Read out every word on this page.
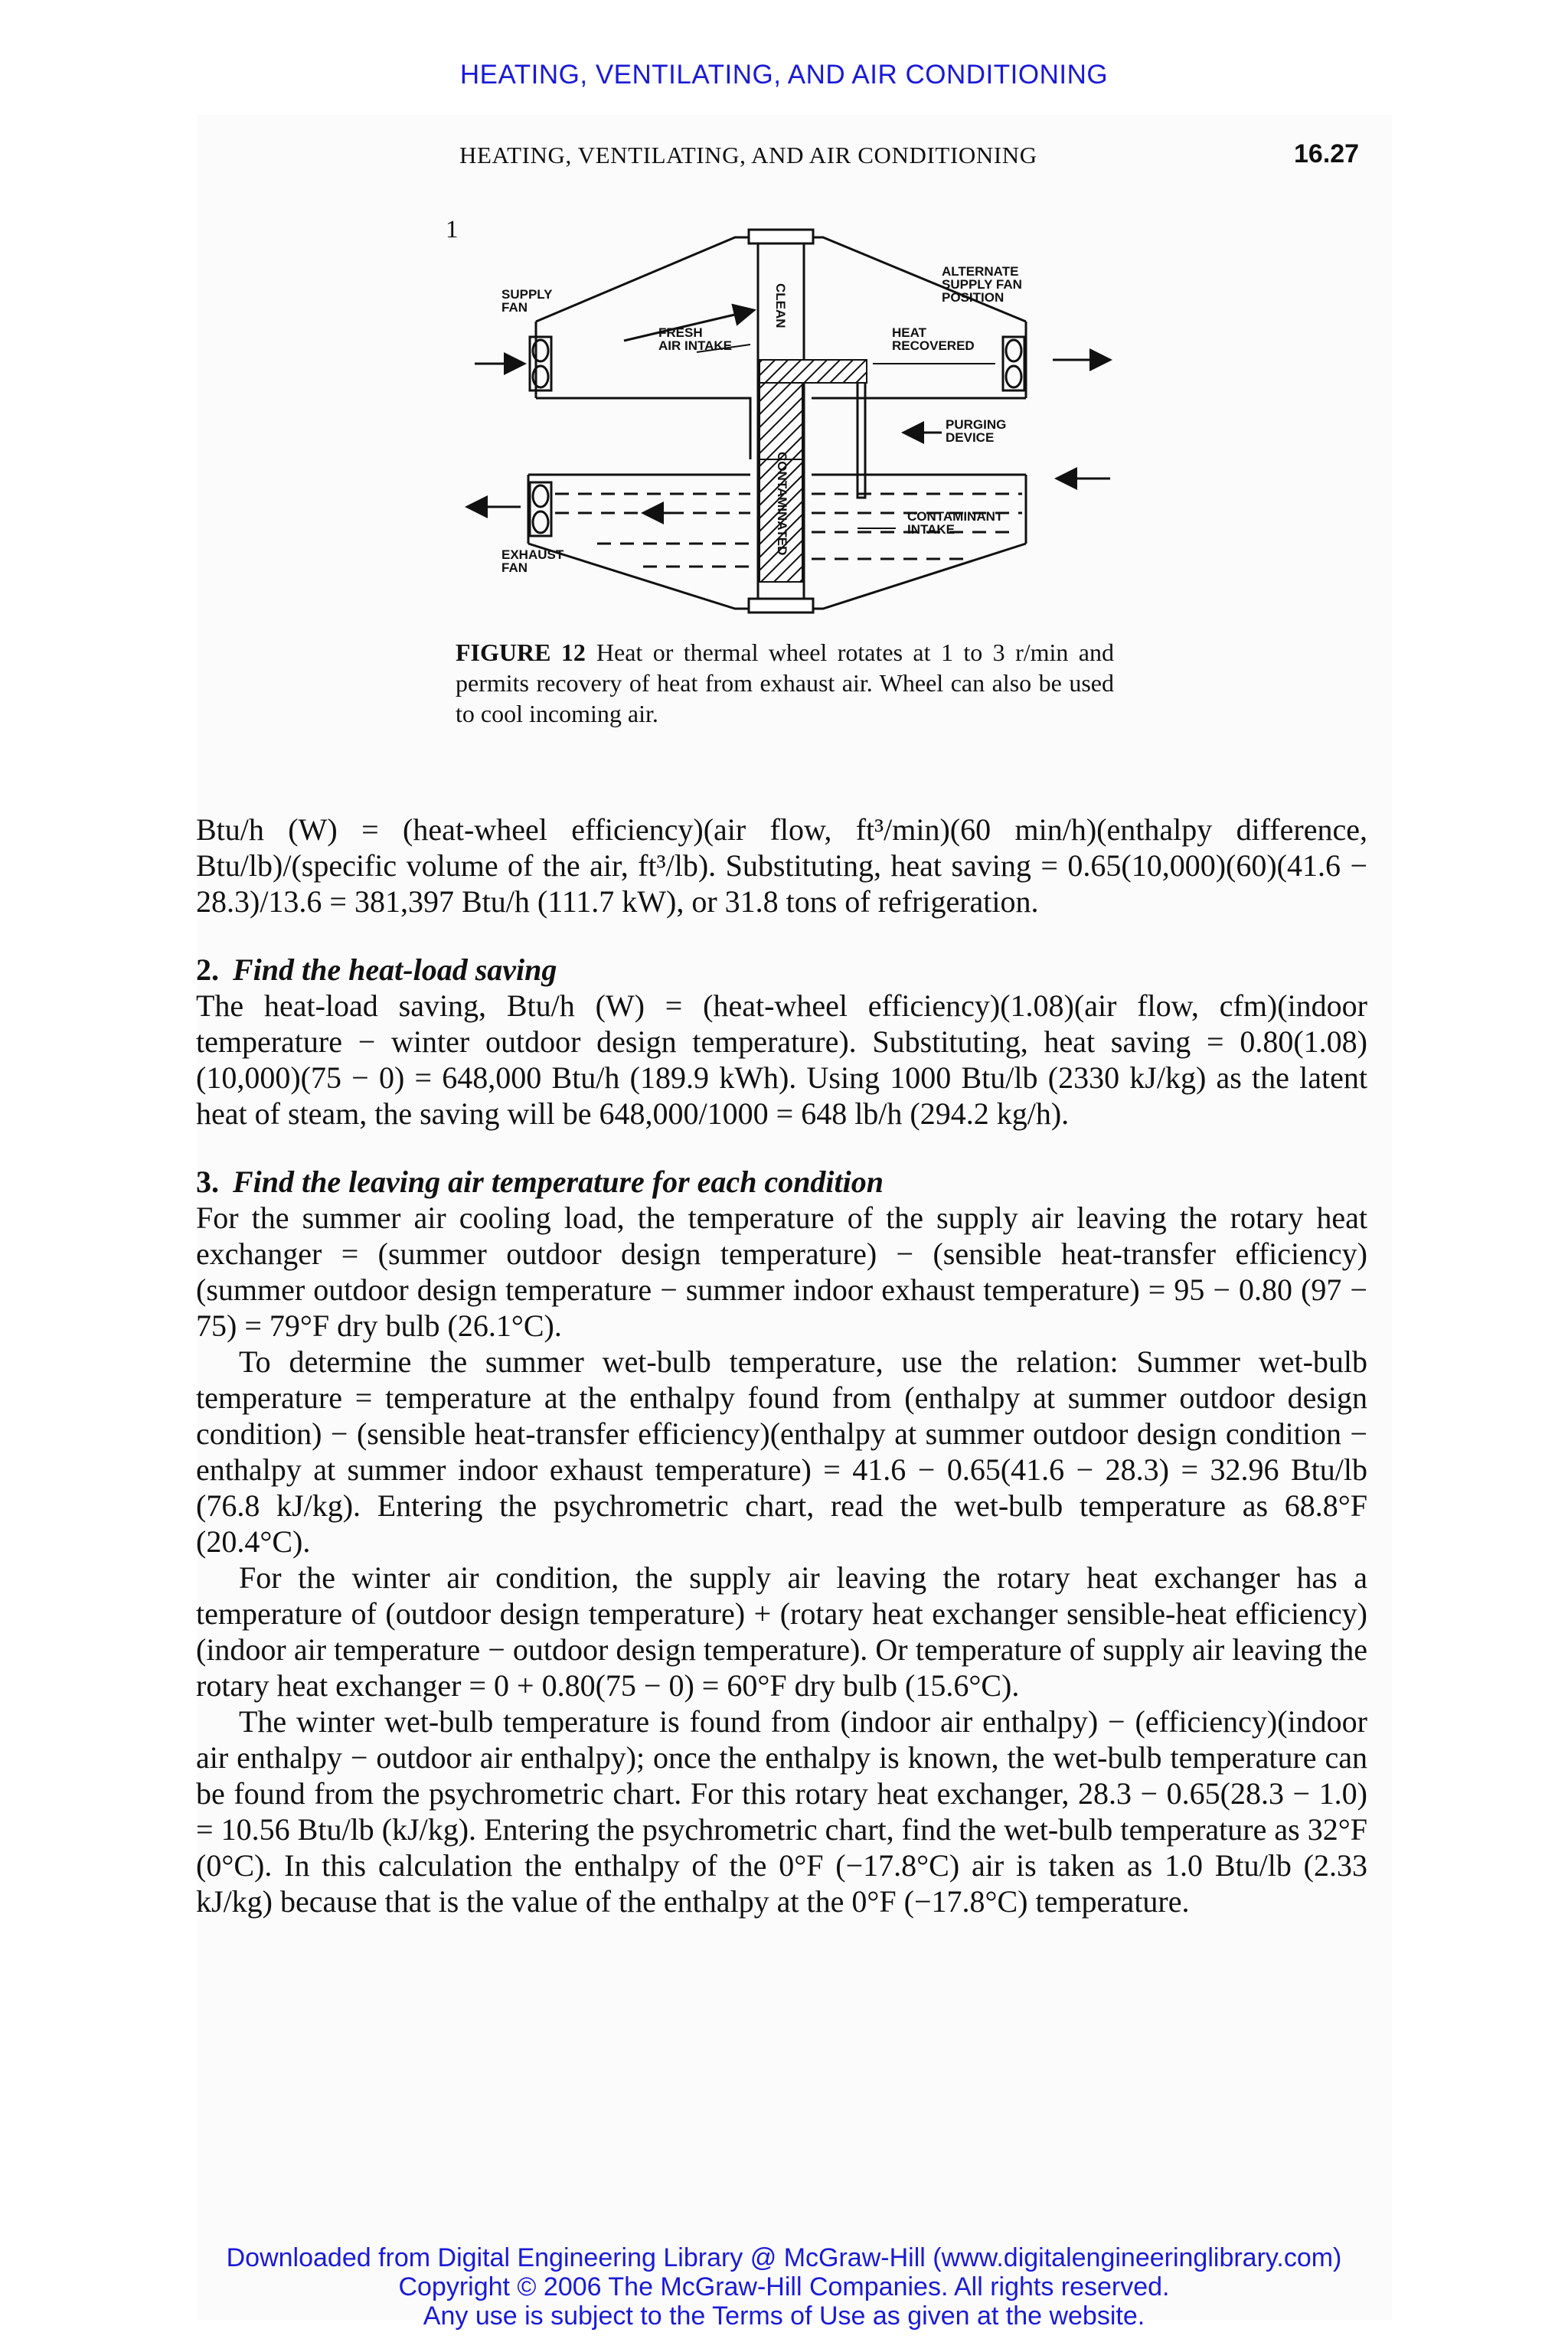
HEATING, VENTILATING, AND AIR CONDITIONING
HEATING, VENTILATING, AND AIR CONDITIONING	16.27
1
SUPPLY
FAN
FRESH
AIR INTAKE
CLEAN
ALTERNATE
SUPPLY FAN
POSITION
HEAT
RECOVERED
PURGING
DEVICE
CONTAMINATED	CONTAMINANT
INTAKE
EXHAUST
FAN
FIGURE 12 Heat or thermal wheel rotates at 1 to 3 r/min and permits recovery of heat from exhaust air. Wheel can also be used to cool incoming air.

Btu/h (W) = (heat-wheel efficiency)(air flow, ft³/min)(60 min/h)(enthalpy difference, Btu/lb)/(specific volume of the air, ft³/lb). Substituting, heat saving = 0.65(10,000)(60)(41.6 − 28.3)/13.6 = 381,397 Btu/h (111.7 kW), or 31.8 tons of refrigeration.

2. Find the heat-load saving

The heat-load saving, Btu/h (W) = (heat-wheel efficiency)(1.08)(air flow, cfm)(indoor temperature − winter outdoor design temperature). Substituting, heat saving = 0.80(1.08)(10,000)(75 − 0) = 648,000 Btu/h (189.9 kWh). Using 1000 Btu/lb (2330 kJ/kg) as the latent heat of steam, the saving will be 648,000/1000 = 648 lb/h (294.2 kg/h).

3. Find the leaving air temperature for each condition

For the summer air cooling load, the temperature of the supply air leaving the rotary heat exchanger = (summer outdoor design temperature) − (sensible heat-transfer efficiency)(summer outdoor design temperature − summer indoor exhaust temperature) = 95 − 0.80 (97 − 75) = 79°F dry bulb (26.1°C).

To determine the summer wet-bulb temperature, use the relation: Summer wet-bulb temperature = temperature at the enthalpy found from (enthalpy at summer outdoor design condition) − (sensible heat-transfer efficiency)(enthalpy at summer outdoor design condition − enthalpy at summer indoor exhaust temperature) = 41.6 − 0.65(41.6 − 28.3) = 32.96 Btu/lb (76.8 kJ/kg). Entering the psychrometric chart, read the wet-bulb temperature as 68.8°F (20.4°C).

For the winter air condition, the supply air leaving the rotary heat exchanger has a temperature of (outdoor design temperature) + (rotary heat exchanger sensible-heat efficiency)(indoor air temperature − outdoor design temperature). Or temperature of supply air leaving the rotary heat exchanger = 0 + 0.80(75 − 0) = 60°F dry bulb (15.6°C).

The winter wet-bulb temperature is found from (indoor air enthalpy) − (efficiency)(indoor air enthalpy − outdoor air enthalpy); once the enthalpy is known, the wet-bulb temperature can be found from the psychrometric chart. For this rotary heat exchanger, 28.3 − 0.65(28.3 − 1.0) = 10.56 Btu/lb (kJ/kg). Entering the psychrometric chart, find the wet-bulb temperature as 32°F (0°C). In this calculation the enthalpy of the 0°F (−17.8°C) air is taken as 1.0 Btu/lb (2.33 kJ/kg) because that is the value of the enthalpy at the 0°F (−17.8°C) temperature.

Downloaded from Digital Engineering Library @ McGraw-Hill (www.digitalengineeringlibrary.com)
Copyright © 2006 The McGraw-Hill Companies. All rights reserved.
Any use is subject to the Terms of Use as given at the website.
